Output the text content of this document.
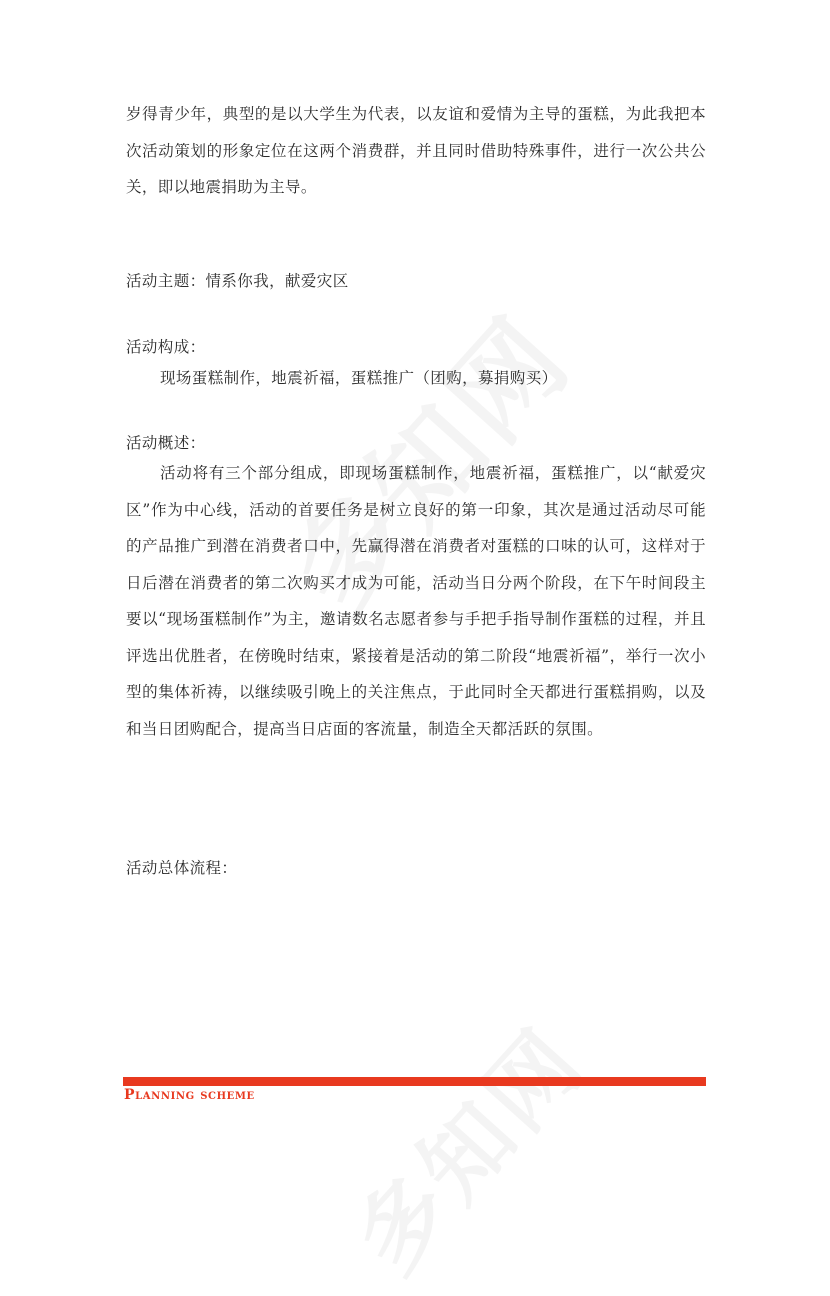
岁得青少年，典型的是以大学生为代表，以友谊和爱情为主导的蛋糕，为此我把本次活动策划的形象定位在这两个消费群，并且同时借助特殊事件，进行一次公共公关，即以地震捐助为主导。

活动主题：情系你我，献爱灾区

活动构成：

现场蛋糕制作，地震祈福，蛋糕推广（团购，募捐购买）

活动概述：

活动将有三个部分组成，即现场蛋糕制作，地震祈福，蛋糕推广，以“献爱灾区”作为中心线，活动的首要任务是树立良好的第一印象，其次是通过活动尽可能的产品推广到潜在消费者口中，先赢得潜在消费者对蛋糕的口味的认可，这样对于日后潜在消费者的第二次购买才成为可能，活动当日分两个阶段，在下午时间段主要以“现场蛋糕制作”为主，邀请数名志愿者参与手把手指导制作蛋糕的过程，并且评选出优胜者，在傍晚时结束，紧接着是活动的第二阶段“地震祈福”，举行一次小型的集体祈祷，以继续吸引晚上的关注焦点，于此同时全天都进行蛋糕捐购，以及和当日团购配合，提高当日店面的客流量，制造全天都活跃的氛围。

活动总体流程：

Planning scheme
